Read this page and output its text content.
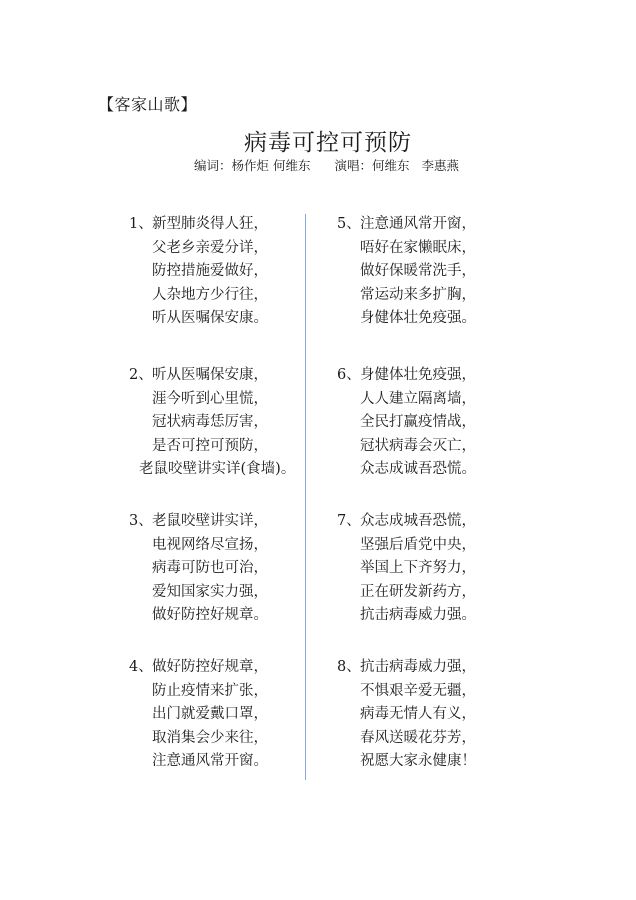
【客家山歌】
病毒可控可预防
编词：杨作炬 何维东 演唱：何维东 李惠燕
1、新型肺炎得人狂，
父老乡亲爱分详，
防控措施爱做好，
人杂地方少行往，
听从医嘱保安康。
2、听从医嘱保安康，
涯今听到心里慌，
冠状病毒恁厉害，
是否可控可预防，
老鼠咬壁讲实详(食墙)。
3、老鼠咬壁讲实详，
电视网络尽宣扬，
病毒可防也可治，
爱知国家实力强，
做好防控好规章。
4、做好防控好规章，
防止疫情来扩张，
出门就爱戴口罩，
取消集会少来往，
注意通风常开窗。
5、注意通风常开窗，
唔好在家懒眠床，
做好保暖常洗手，
常运动来多扩胸，
身健体壮免疫强。
6、身健体壮免疫强，
人人建立隔离墙，
全民打赢疫情战，
冠状病毒会灭亡，
众志成诚吾恐慌。
7、众志成城吾恐慌，
坚强后盾党中央，
举国上下齐努力，
正在研发新药方，
抗击病毒威力强。
8、抗击病毒威力强，
不惧艰辛爱无疆，
病毒无情人有义，
春风送暖花芬芳，
祝愿大家永健康！
